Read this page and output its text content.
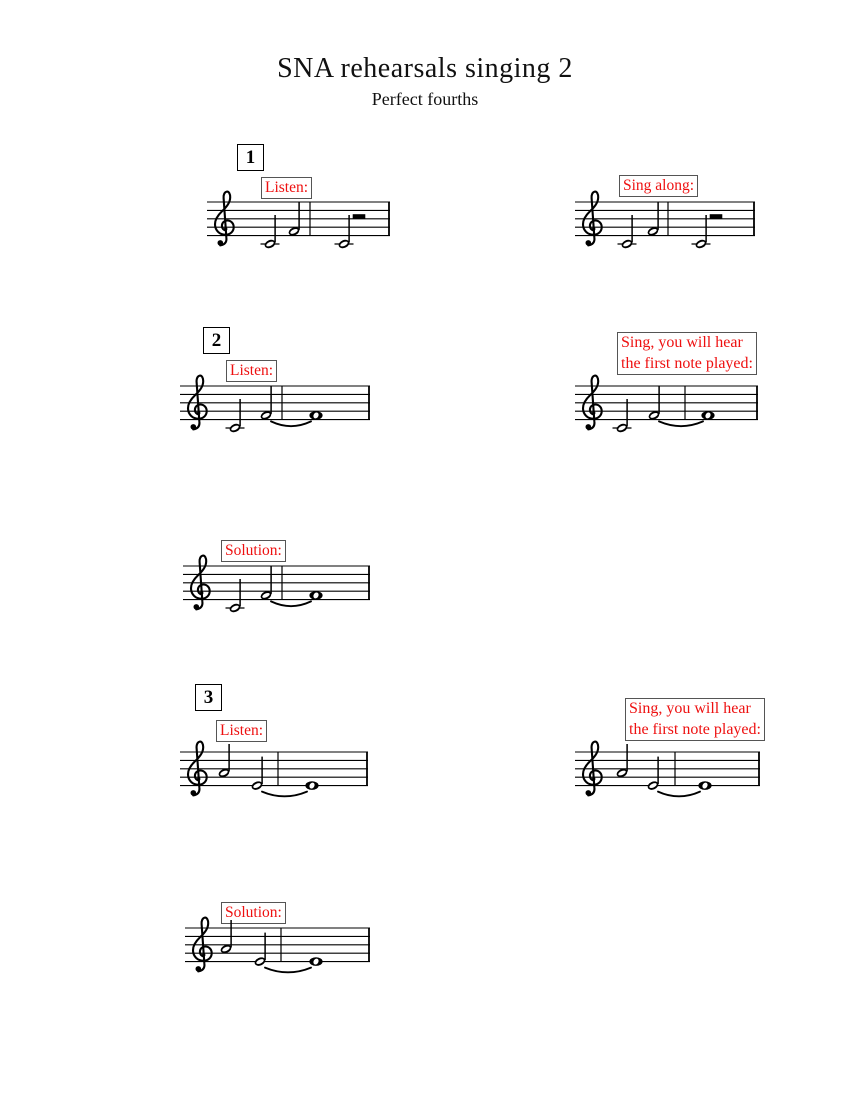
SNA rehearsals singing 2
Perfect fourths
1
Listen:	Sing along:
2
Listen:
Sing, you will hear
the first note played:
Solution:
3
Listen:
Sing, you will hear
the first note played:
Solution:
